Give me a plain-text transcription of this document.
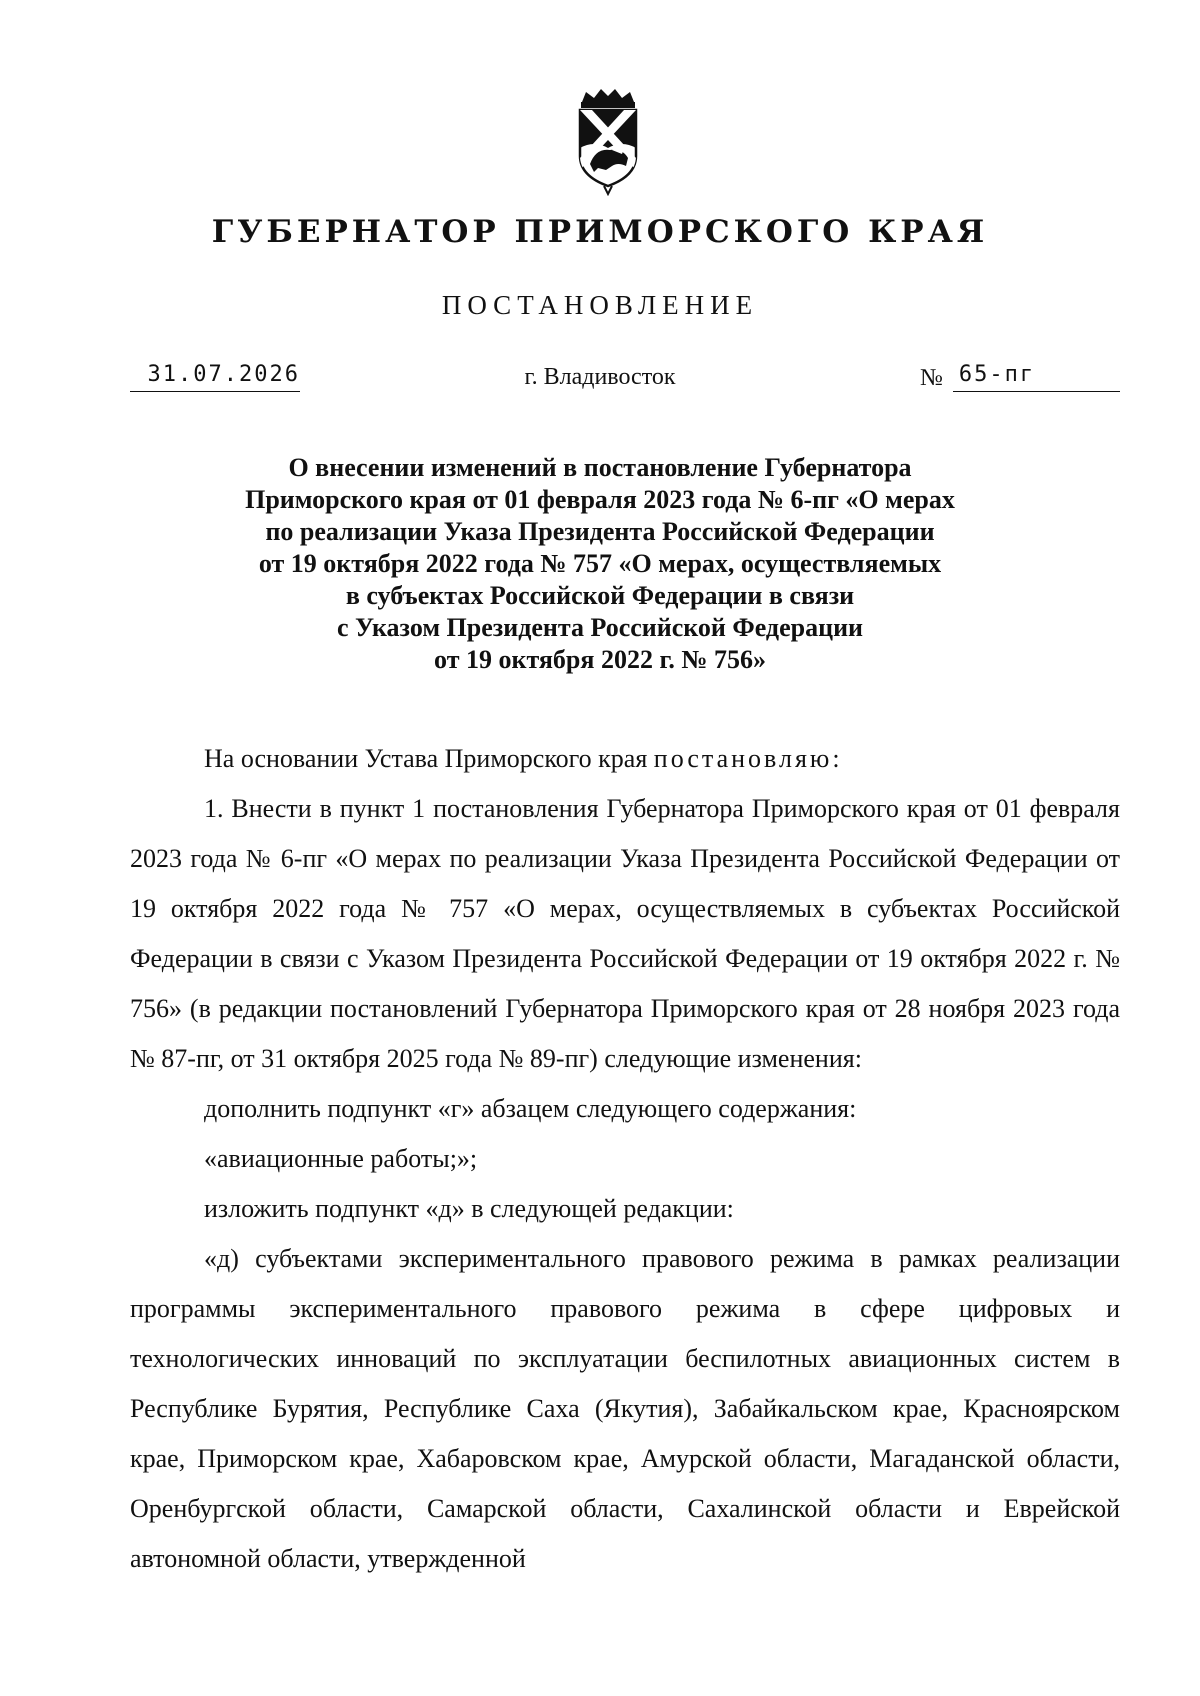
ГУБЕРНАТОР ПРИМОРСКОГО КРАЯ
ПОСТАНОВЛЕНИЕ
31.07.2026	г. Владивосток	№ 65-пг
О внесении изменений в постановление Губернатора
Приморского края от 01 февраля 2023 года № 6-пг «О мерах
по реализации Указа Президента Российской Федерации
от 19 октября 2022 года № 757 «О мерах, осуществляемых
в субъектах Российской Федерации в связи
с Указом Президента Российской Федерации
от 19 октября 2022 г. № 756»

На основании Устава Приморского края постановляю:

1. Внести в пункт 1 постановления Губернатора Приморского края от 01 февраля 2023 года № 6-пг «О мерах по реализации Указа Президента Российской Федерации от 19 октября 2022 года № 757 «О мерах, осуществляемых в субъектах Российской Федерации в связи с Указом Президента Российской Федерации от 19 октября 2022 г. № 756» (в редакции постановлений Губернатора Приморского края от 28 ноября 2023 года № 87-пг, от 31 октября 2025 года № 89-пг) следующие изменения:

дополнить подпункт «г» абзацем следующего содержания:

«авиационные работы;»;

изложить подпункт «д» в следующей редакции:

«д) субъектами экспериментального правового режима в рамках реализации программы экспериментального правового режима в сфере цифровых и технологических инноваций по эксплуатации беспилотных авиационных систем в Республике Бурятия, Республике Саха (Якутия), Забайкальском крае, Красноярском крае, Приморском крае, Хабаровском крае, Амурской области, Магаданской области, Оренбургской области, Самарской области, Сахалинской области и Еврейской автономной области, утвержденной
